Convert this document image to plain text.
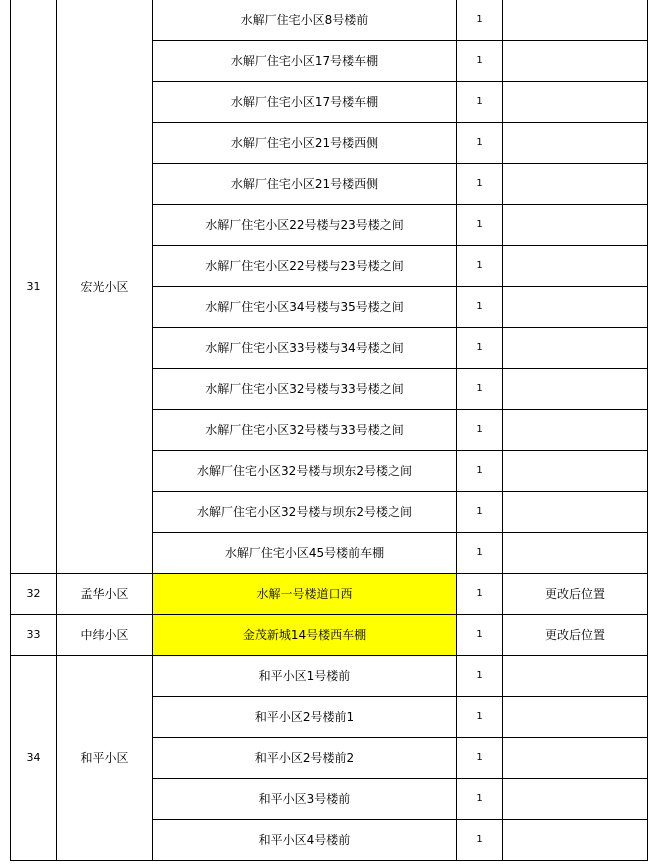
31	宏光小区	水解厂住宅小区8号楼前	1	
		水解厂住宅小区17号楼车棚	1	
		水解厂住宅小区17号楼车棚	1	
		水解厂住宅小区21号楼西侧	1	
		水解厂住宅小区21号楼西侧	1	
		水解厂住宅小区22号楼与23号楼之间	1	
		水解厂住宅小区22号楼与23号楼之间	1	
		水解厂住宅小区34号楼与35号楼之间	1	
		水解厂住宅小区33号楼与34号楼之间	1	
		水解厂住宅小区32号楼与33号楼之间	1	
		水解厂住宅小区32号楼与33号楼之间	1	
		水解厂住宅小区32号楼与坝东2号楼之间	1	
		水解厂住宅小区32号楼与坝东2号楼之间	1	
		水解厂住宅小区45号楼前车棚	1	
32	孟华小区	水解一号楼道口西	1	更改后位置
33	中纬小区	金茂新城14号楼西车棚	1	更改后位置
34	和平小区	和平小区1号楼前	1	
		和平小区2号楼前1	1	
		和平小区2号楼前2	1	
		和平小区3号楼前	1	
		和平小区4号楼前	1	
